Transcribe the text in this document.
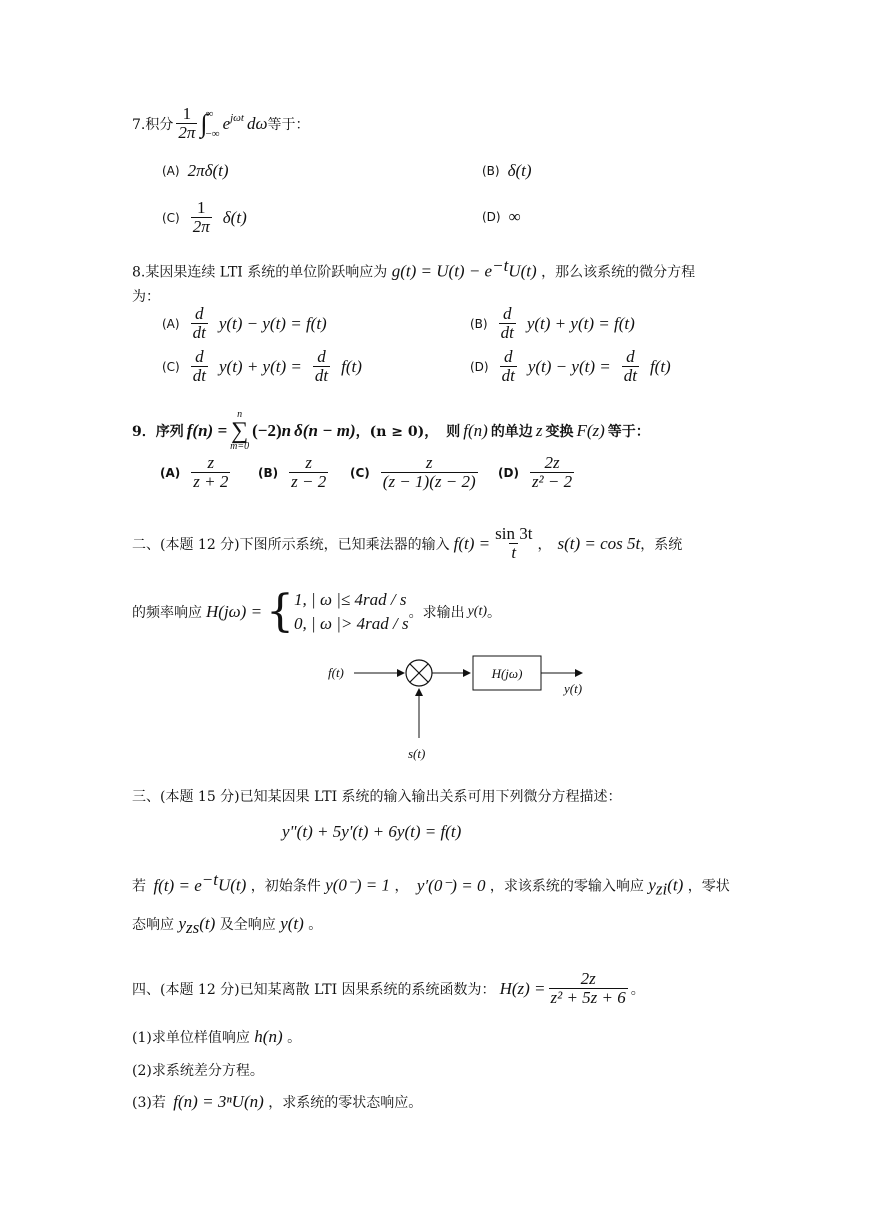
7.积分 $\frac{1}{2\pi}$ ∫
∞
−∞
$e^{j\omega t}$ dω 等于：
(A) 2πδ(t)	(B) δ(t)
$(C) \frac{1}{2\pi} \delta(t)$	(D) ∞
8.某因果连续 LTI 系统的单位阶跃响应为 $g(t) = U(t) - e^{-t}U(t)$ ，那么该系统的微分方程
为：
$(A) \frac{d}{dt} y(t) - y(t) = f(t)$	$(B) \frac{d}{dt} y(t) + y(t) = f(t)$
$(C) \frac{d}{dt} y(t) + y(t) = \frac{d}{dt} f(t)$	$(D) \frac{d}{dt} y(t) - y(t) = \frac{d}{dt} f(t)$
9．序列 f(n) =
n
∑
m=0
(−2) n δ(n − m) ，(n ≥ 0)， 则 f(n) 的单边 z 变换 F(z) 等于：
$(A) \frac{z}{z + 2} (B) \frac{z}{z - 2} (C) \frac{z}{(z - 1)(z - 2)} (D) \frac{2z}{\text{z² − 2}}$
二、(本题 12 分)下图所示系统，已知乘法器的输入 $f(t) = \frac{\sin 3t}{t}$ ， s(t) = cos 5t ，系统
的频率响应 H(jω) = { 1, | ω |≤ 4rad / s
0, | ω |> 4rad / s
。求输出 y(t) 。
f(t)	H(jω)
y(t)
s(t)
三、(本题 15 分)已知某因果 LTI 系统的输入输出关系可用下列微分方程描述：
y"(t) + 5y'(t) + 6y(t) = f(t)
若 $f(t) = e^{-t}U(t)$ ，初始条件 y(0⁻) = 1 ， y′(0⁻) = 0 ，求该系统的零输入响应 $y_{zi}(t)$ ，零状
态响应 $y_{zs}(t)$ 及全响应 y(t) 。
四、(本题 12 分)已知某离散 LTI 因果系统的系统函数为： $H(z) = \frac{2z}{\text{z² + 5z + 6}}$ 。
(1)求单位样值响应 h(n) 。
(2)求系统差分方程。
(3)若 f(n) = 3ⁿU(n) ，求系统的零状态响应。
